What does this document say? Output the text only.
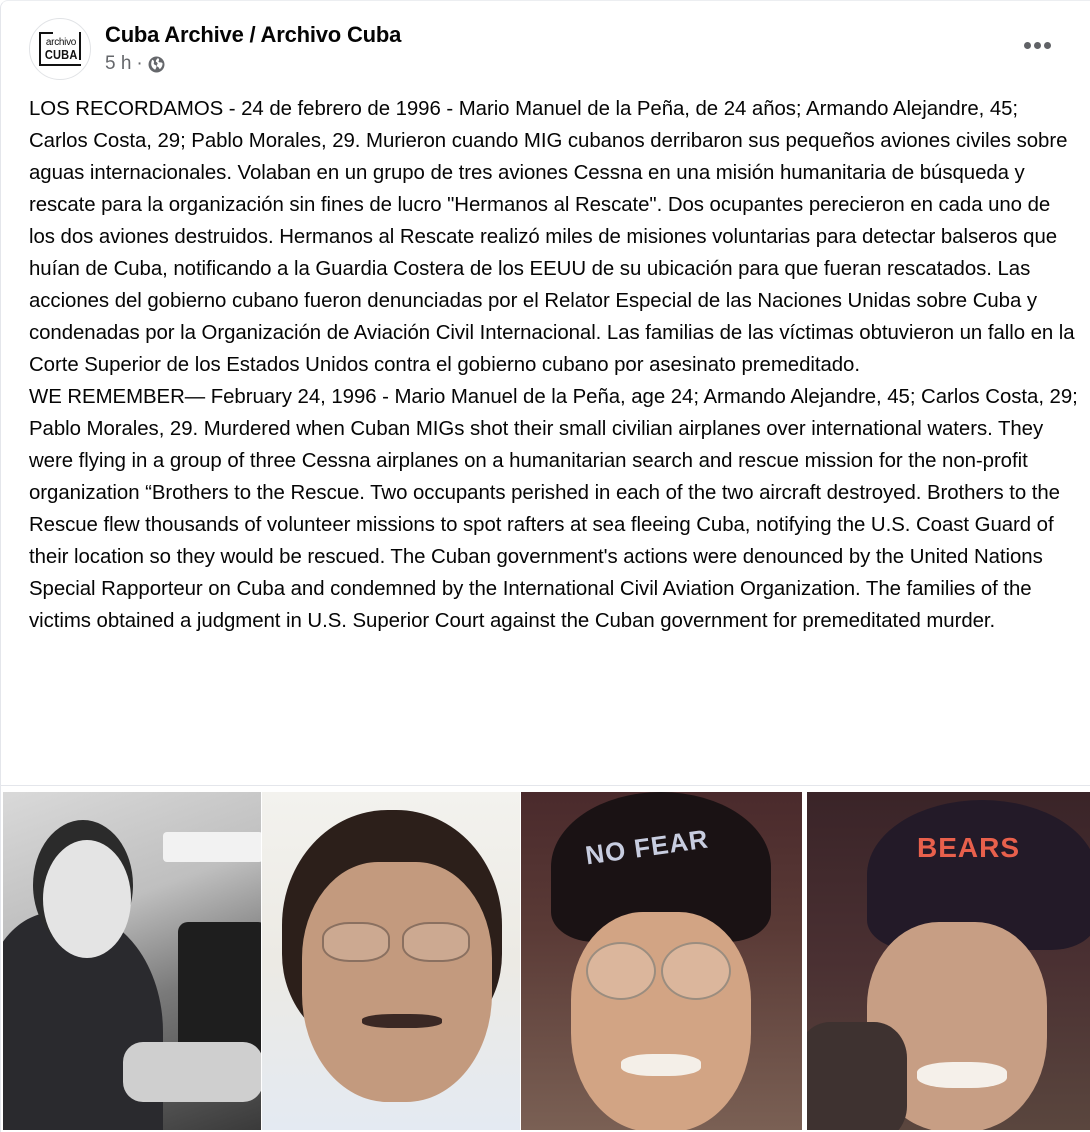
archivo
CUBA
Cuba Archive / Archivo Cuba
5 h ·

LOS RECORDAMOS - 24 de febrero de 1996 - Mario Manuel de la Peña, de 24 años; Armando Alejandre, 45; Carlos Costa, 29; Pablo Morales, 29. Murieron cuando MIG cubanos derribaron sus pequeños aviones civiles sobre aguas internacionales. Volaban en un grupo de tres aviones Cessna en una misión humanitaria de búsqueda y rescate para la organización sin fines de lucro "Hermanos al Rescate". Dos ocupantes perecieron en cada uno de los dos aviones destruidos. Hermanos al Rescate realizó miles de misiones voluntarias para detectar balseros que huían de Cuba, notificando a la Guardia Costera de los EEUU de su ubicación para que fueran rescatados. Las acciones del gobierno cubano fueron denunciadas por el Relator Especial de las Naciones Unidas sobre Cuba y condenadas por la Organización de Aviación Civil Internacional. Las familias de las víctimas obtuvieron un fallo en la Corte Superior de los Estados Unidos contra el gobierno cubano por asesinato premeditado.

WE REMEMBER— February 24, 1996 - Mario Manuel de la Peña, age 24; Armando Alejandre, 45; Carlos Costa, 29; Pablo Morales, 29. Murdered when Cuban MIGs shot their small civilian airplanes over international waters. They were flying in a group of three Cessna airplanes on a humanitarian search and rescue mission for the non-profit organization “Brothers to the Rescue. Two occupants perished in each of the two aircraft destroyed. Brothers to the Rescue flew thousands of volunteer missions to spot rafters at sea fleeing Cuba, notifying the U.S. Coast Guard of their location so they would be rescued. The Cuban government's actions were denounced by the United Nations Special Rapporteur on Cuba and condemned by the International Civil Aviation Organization. The families of the victims obtained a judgment in U.S. Superior Court against the Cuban government for premeditated murder.

NO FEAR	BEARS
